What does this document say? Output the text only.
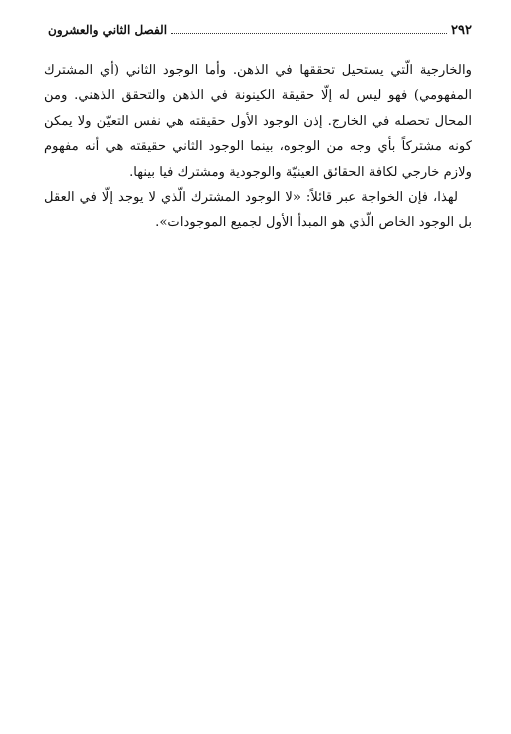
٢٩٢
الفصل الثاني والعشرون

والخارجية الّتي يستحيل تحققها في الذهن. وأما الوجود الثاني (أي المشترك المفهومي) فهو ليس له إلّا حقيقة الكينونة في الذهن والتحقق الذهني. ومن المحال تحصله في الخارج. إذن الوجود الأول حقيقته هي نفس التعيّن ولا يمكن كونه مشتركاً بأي وجه من الوجوه، بينما الوجود الثاني حقيقته هي أنه مفهوم ولازم خارجي لكافة الحقائق العينيّة والوجودية ومشترك فيا بينها.

لهذا، فإن الخواجة عبر قائلاً: «لا الوجود المشترك الّذي لا يوجد إلّا في العقل بل الوجود الخاص الّذي هو المبدأ الأول لجميع الموجودات».
